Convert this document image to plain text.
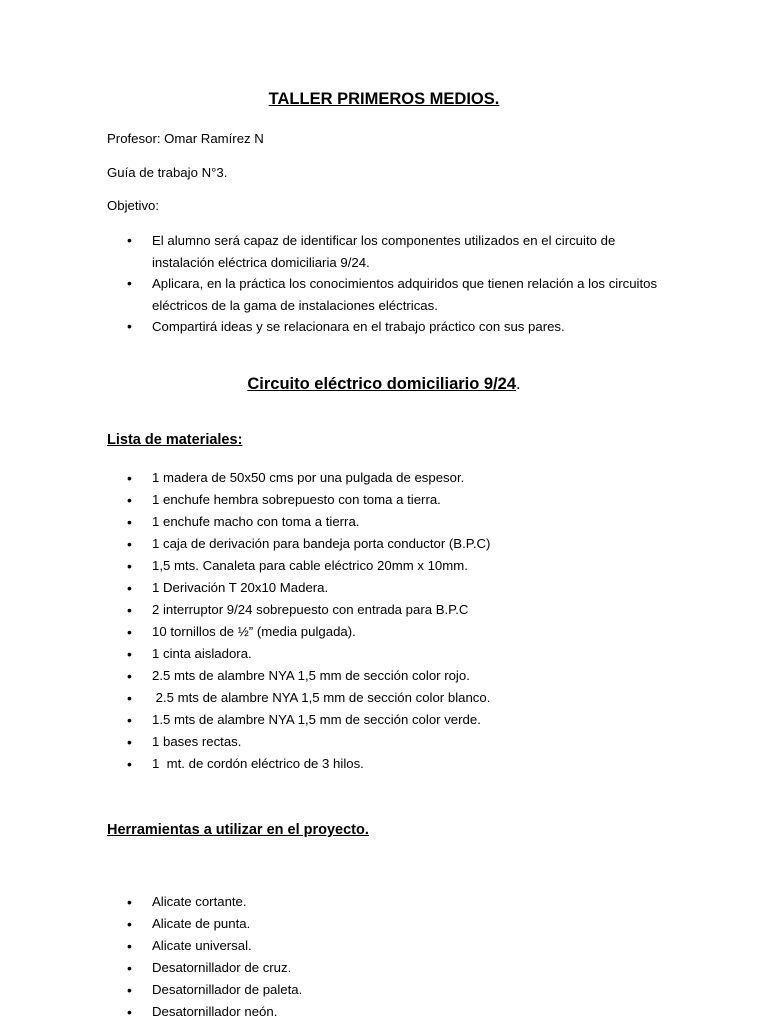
TALLER PRIMEROS MEDIOS.
Profesor: Omar Ramírez N
Guía de trabajo N°3.
Objetivo:
•	El alumno será capaz de identificar los componentes utilizados en el circuito de instalación eléctrica domiciliaria 9/24.
•	Aplicara, en la práctica los conocimientos adquiridos que tienen relación a los circuitos eléctricos de la gama de instalaciones eléctricas.
•	Compartirá ideas y se relacionara en el trabajo práctico con sus pares.
Circuito eléctrico domiciliario 9/24.
Lista de materiales:
•	1 madera de 50x50 cms por una pulgada de espesor.
•	1 enchufe hembra sobrepuesto con toma a tierra.
•	1 enchufe macho con toma a tierra.
•	1 caja de derivación para bandeja porta conductor (B.P.C)
•	1,5 mts. Canaleta para cable eléctrico 20mm x 10mm.
•	1 Derivación T 20x10 Madera.
•	2 interruptor 9/24 sobrepuesto con entrada para B.P.C
•	10 tornillos de ½” (media pulgada).
•	1 cinta aisladora.
•	2.5 mts de alambre NYA 1,5 mm de sección color rojo.
•	2.5 mts de alambre NYA 1,5 mm de sección color blanco.
•	1.5 mts de alambre NYA 1,5 mm de sección color verde.
•	1 bases rectas.
•	1  mt. de cordón eléctrico de 3 hilos.
Herramientas a utilizar en el proyecto.
•	Alicate cortante.
•	Alicate de punta.
•	Alicate universal.
•	Desatornillador de cruz.
•	Desatornillador de paleta.
•	Desatornillador neón.
